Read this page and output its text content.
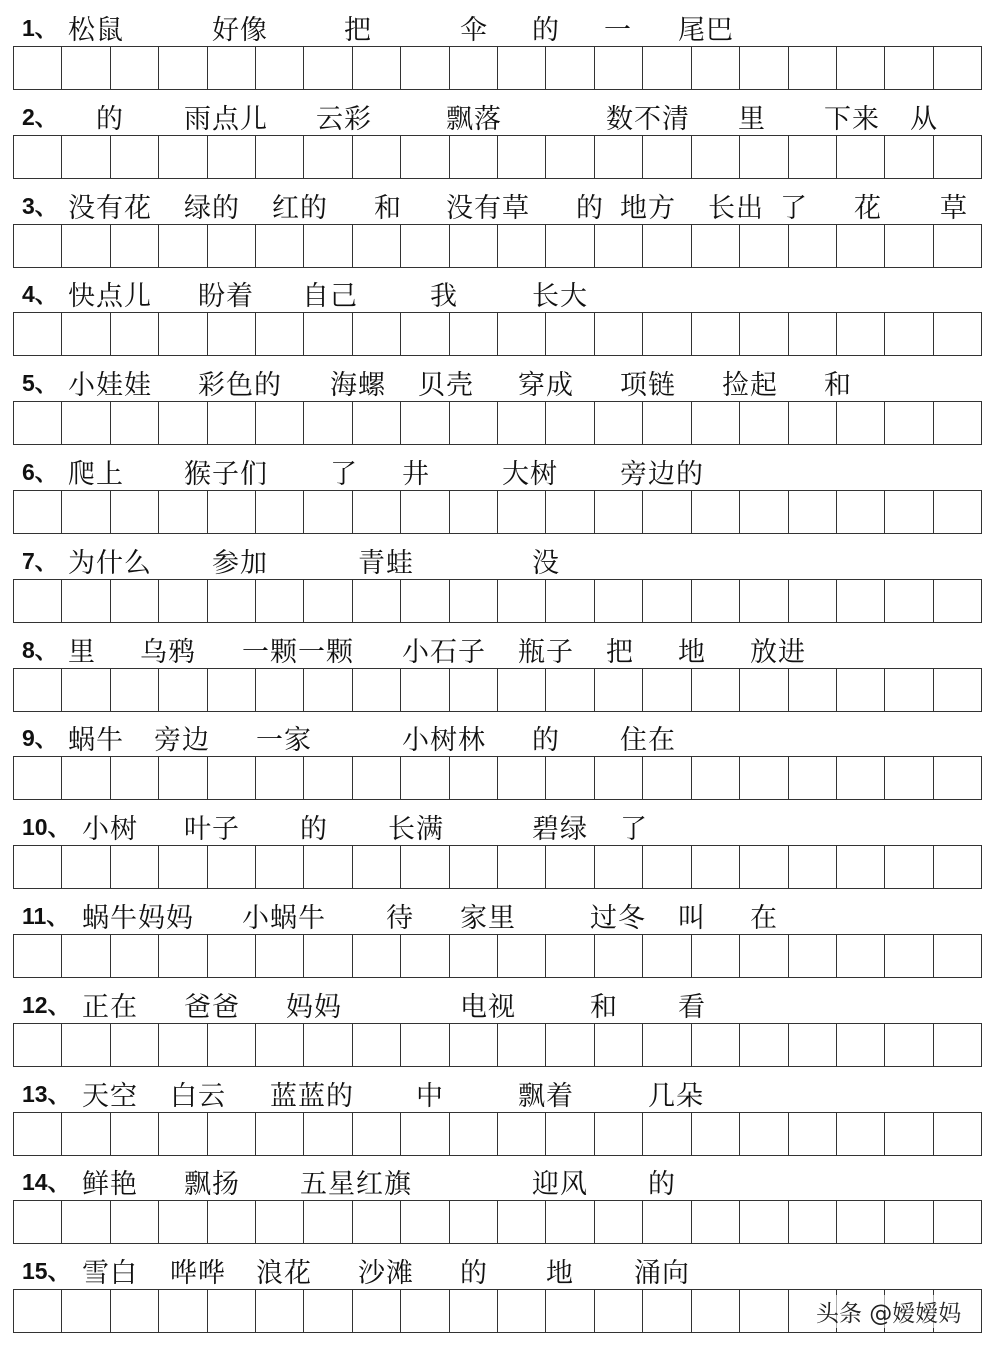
1、 松鼠	好像	把	伞 的 一 尾巴
2、 的 雨点儿 云彩	飘落	数不清 里 下来 从
3、 没有花 绿的 红的 和 没有草 的 地方 长出 了 花 草
4、 快点儿 盼着 自己	我	长大
5、 小娃娃 彩色的 海螺 贝壳 穿成 项链 捡起 和
6、 爬上 猴子们 了 井	大树 旁边的
7、 为什么 参加	青蛙	没
8、 里 乌鸦 一颗一颗 小石子 瓶子 把 地 放进
9、 蜗牛 旁边 一家	小树林 的 住在
10、 小树 叶子 的 长满	碧绿 了
11、 蜗牛妈妈 小蜗牛 待 家里	过冬 叫 在
12、 正在 爸爸 妈妈	电视	和 看
13、 天空 白云 蓝蓝的 中	飘着	几朵
14、 鲜艳 飘扬 五星红旗	迎风 的
15、 雪白 哗哗 浪花 沙滩 的 地 涌向
头条 @嫒嫒妈
